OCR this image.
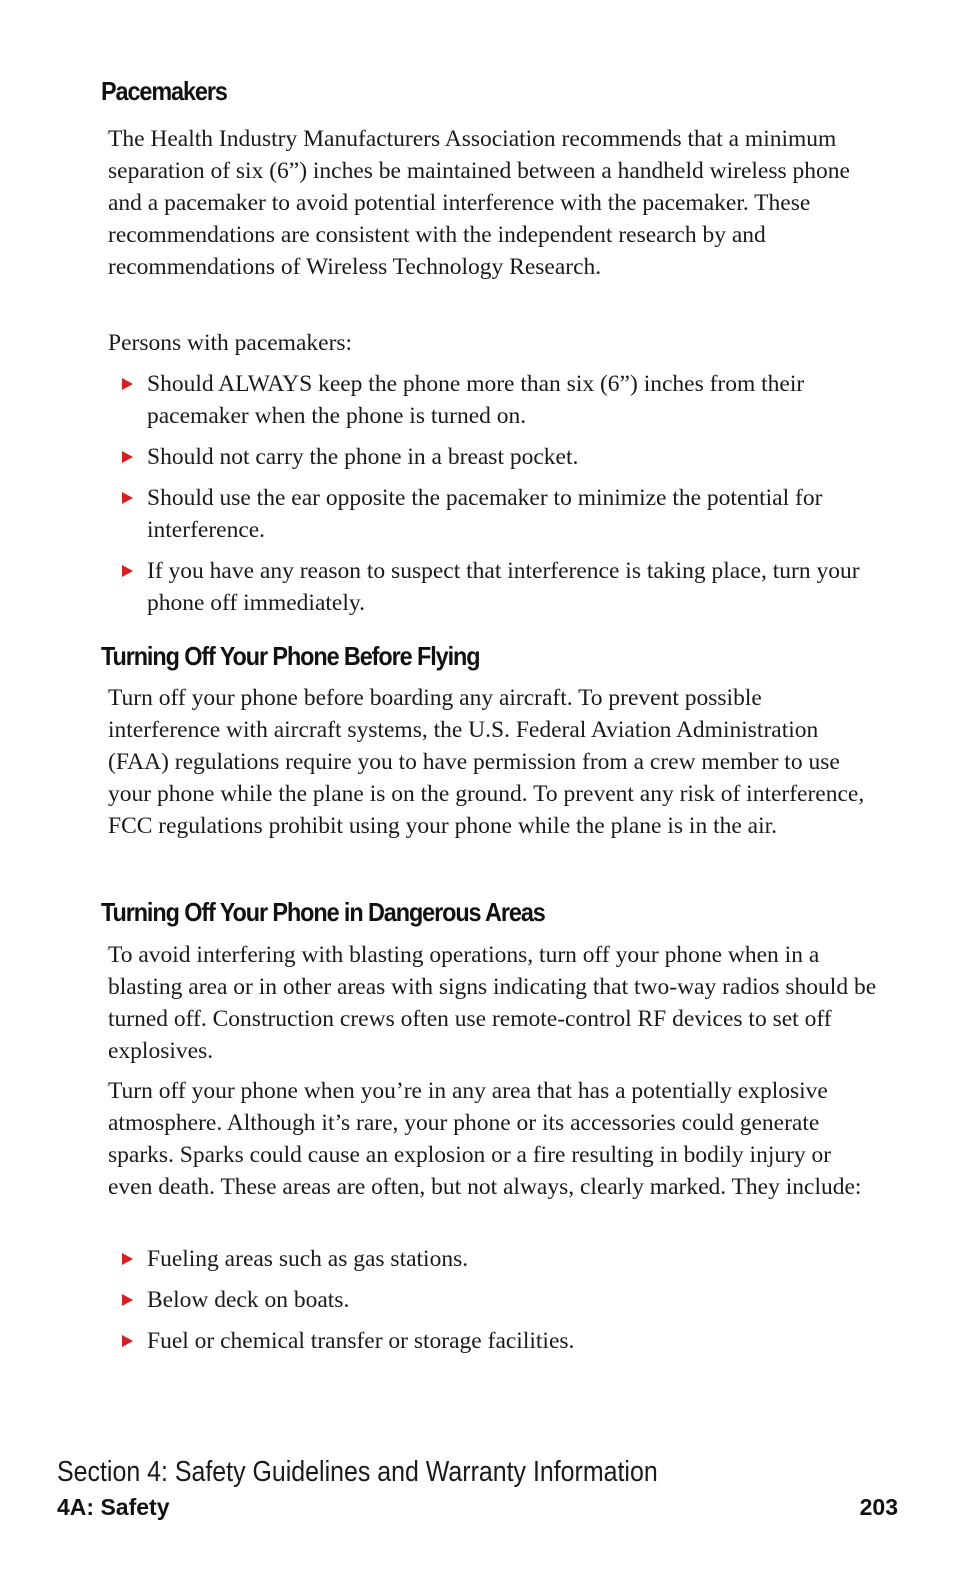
Pacemakers

The Health Industry Manufacturers Association recommends that a minimum separation of six (6”) inches be maintained between a handheld wireless phone and a pacemaker to avoid potential interference with the pacemaker. These recommendations are consistent with the independent research by and recommendations of Wireless Technology Research.

Persons with pacemakers:

Should ALWAYS keep the phone more than six (6”) inches from their pacemaker when the phone is turned on.
Should not carry the phone in a breast pocket.
Should use the ear opposite the pacemaker to minimize the potential for interference.
If you have any reason to suspect that interference is taking place, turn your phone off immediately.
Turning Off Your Phone Before Flying

Turn off your phone before boarding any aircraft. To prevent possible interference with aircraft systems, the U.S. Federal Aviation Administration (FAA) regulations require you to have permission from a crew member to use your phone while the plane is on the ground. To prevent any risk of interference, FCC regulations prohibit using your phone while the plane is in the air.

Turning Off Your Phone in Dangerous Areas

To avoid interfering with blasting operations, turn off your phone when in a blasting area or in other areas with signs indicating that two-way radios should be turned off. Construction crews often use remote-control RF devices to set off explosives.

Turn off your phone when you’re in any area that has a potentially explosive atmosphere. Although it’s rare, your phone or its accessories could generate sparks. Sparks could cause an explosion or a fire resulting in bodily injury or even death. These areas are often, but not always, clearly marked. They include:

Fueling areas such as gas stations.
Below deck on boats.
Fuel or chemical transfer or storage facilities.
Section 4: Safety Guidelines and Warranty Information
4A: Safety	203
